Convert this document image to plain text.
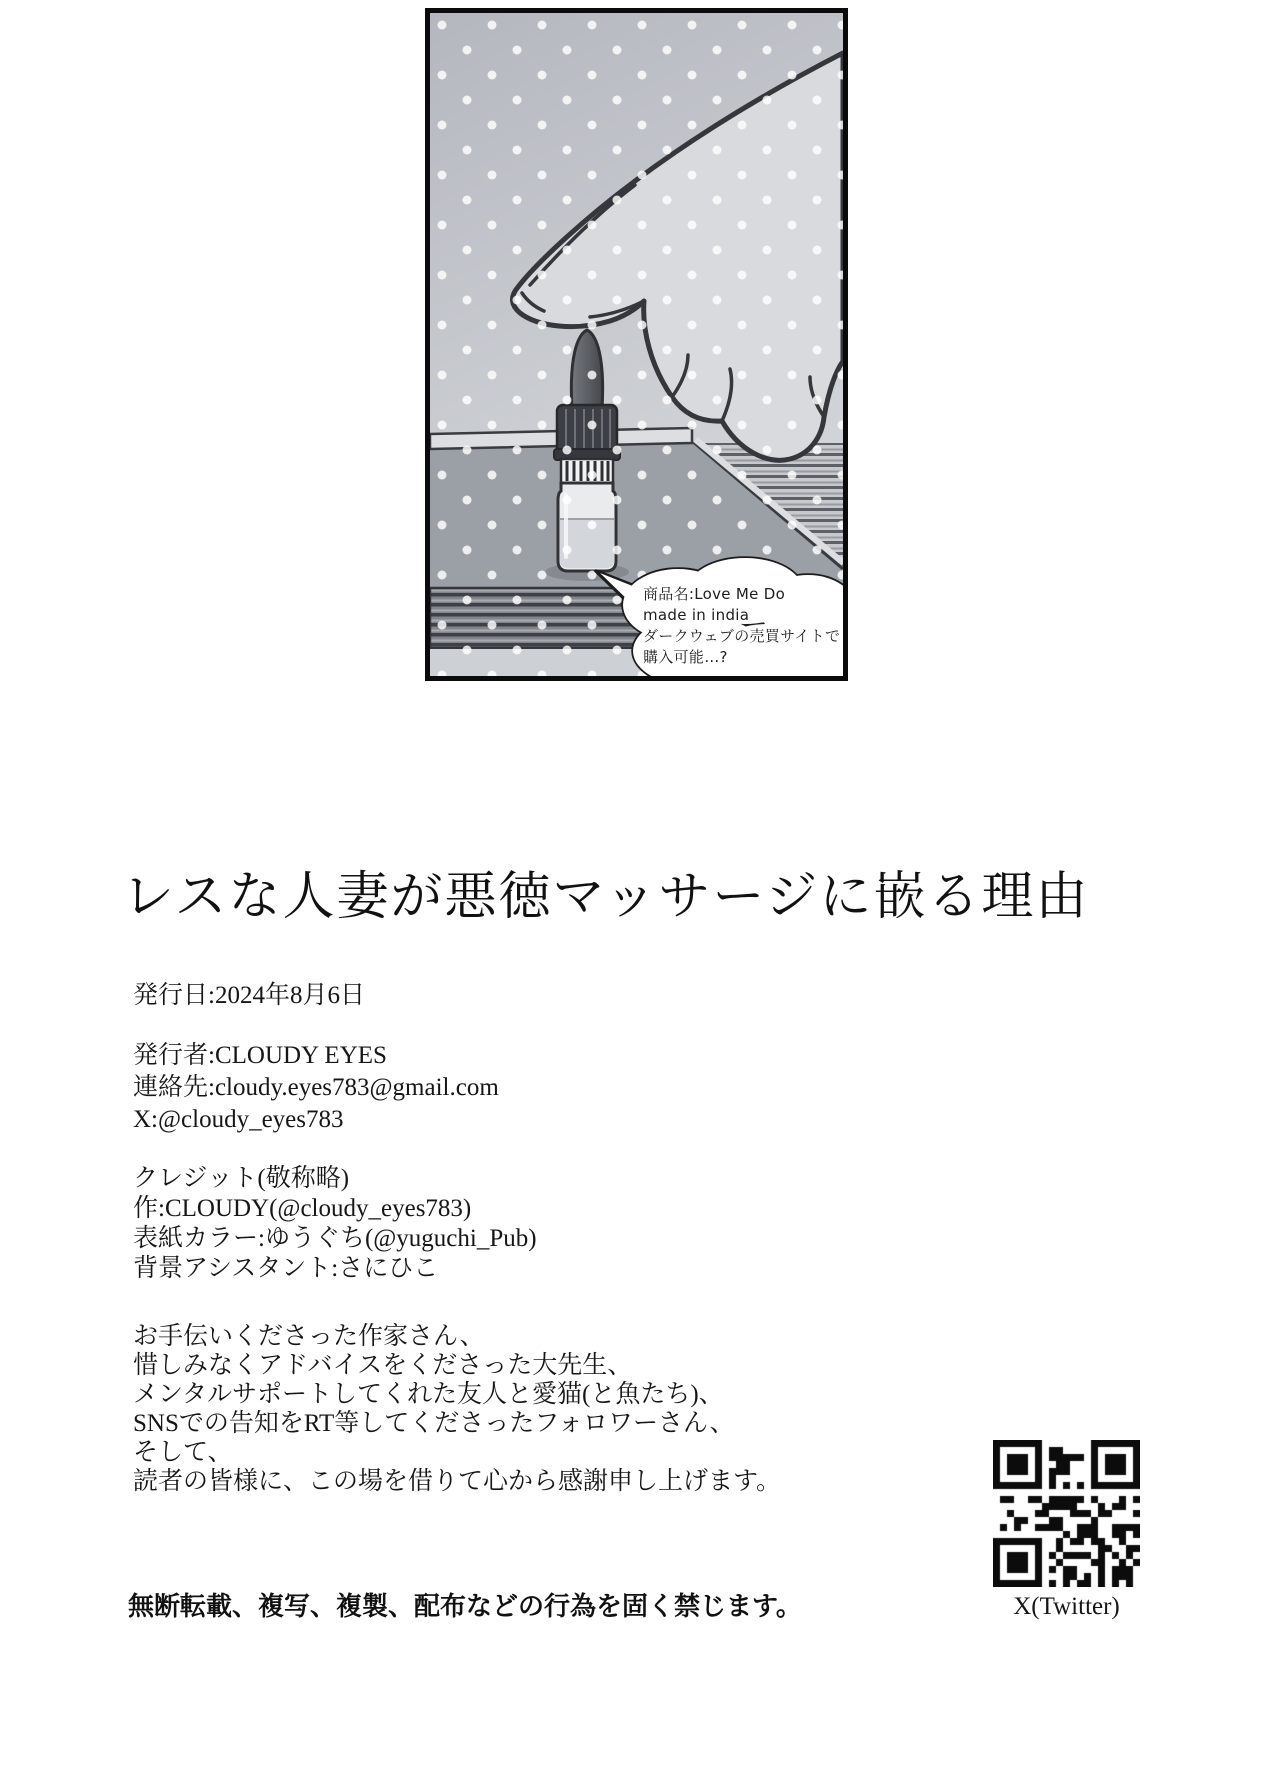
商品名:Love Me Do

made in india

ダークウェブの売買サイトで

購入可能…?

レスな人妻が悪徳マッサージに嵌る理由

発行日:2024年8月6日

発行者:CLOUDY EYES

連絡先:cloudy.eyes783@gmail.com

X:@cloudy_eyes783

クレジット(敬称略)

作:CLOUDY(@cloudy_eyes783)

表紙カラー:ゆうぐち(@yuguchi_Pub)

背景アシスタント:さにひこ

お手伝いくださった作家さん、

惜しみなくアドバイスをくださった大先生、

メンタルサポートしてくれた友人と愛猫(と魚たち)、

SNSでの告知をRT等してくださったフォロワーさん、

そして、

読者の皆様に、この場を借りて心から感謝申し上げます。

無断転載、複写、複製、配布などの行為を固く禁じます。	X(Twitter)
